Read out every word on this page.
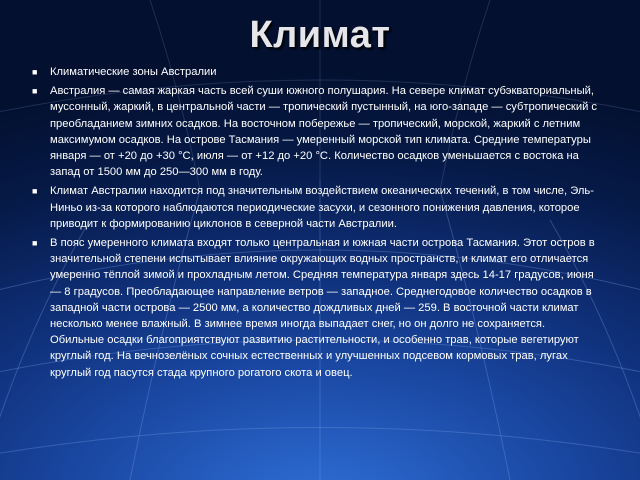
Климат
■ Климатические зоны Австралии
■ Австралия — самая жаркая часть всей суши южного полушария. На севере климат субэкваториальный, муссонный, жаркий, в центральной части — тропический пустынный, на юго-западе — субтропический с преобладанием зимних осадков. На восточном побережье — тропический, морской, жаркий с летним максимумом осадков. На острове Тасмания — умеренный морской тип климата. Средние температуры января — от +20 до +30 °C, июля — от +12 до +20 °C. Количество осадков уменьшается с востока на запад от 1500 мм до 250—300 мм в году.
■ Климат Австралии находится под значительным воздействием океанических течений, в том числе, Эль-Ниньо из-за которого наблюдаются периодические засухи, и сезонного понижения давления, которое приводит к формированию циклонов в северной части Австралии.
■ В пояс умеренного климата входят только центральная и южная части острова Тасмания. Этот остров в значительной степени испытывает влияние окружающих водных пространств, и климат его отличается умеренно тёплой зимой и прохладным летом. Средняя температура января здесь 14-17 градусов, июня — 8 градусов. Преобладающее направление ветров — западное. Среднегодовое количество осадков в западной части острова — 2500 мм, а количество дождливых дней — 259. В восточной части климат несколько менее влажный. В зимнее время иногда выпадает снег, но он долго не сохраняется. Обильные осадки благоприятствуют развитию растительности, и особенно трав, которые вегетируют круглый год. На вечнозелёных сочных естественных и улучшенных подсевом кормовых трав, лугах круглый год пасутся стада крупного рогатого скота и овец.
